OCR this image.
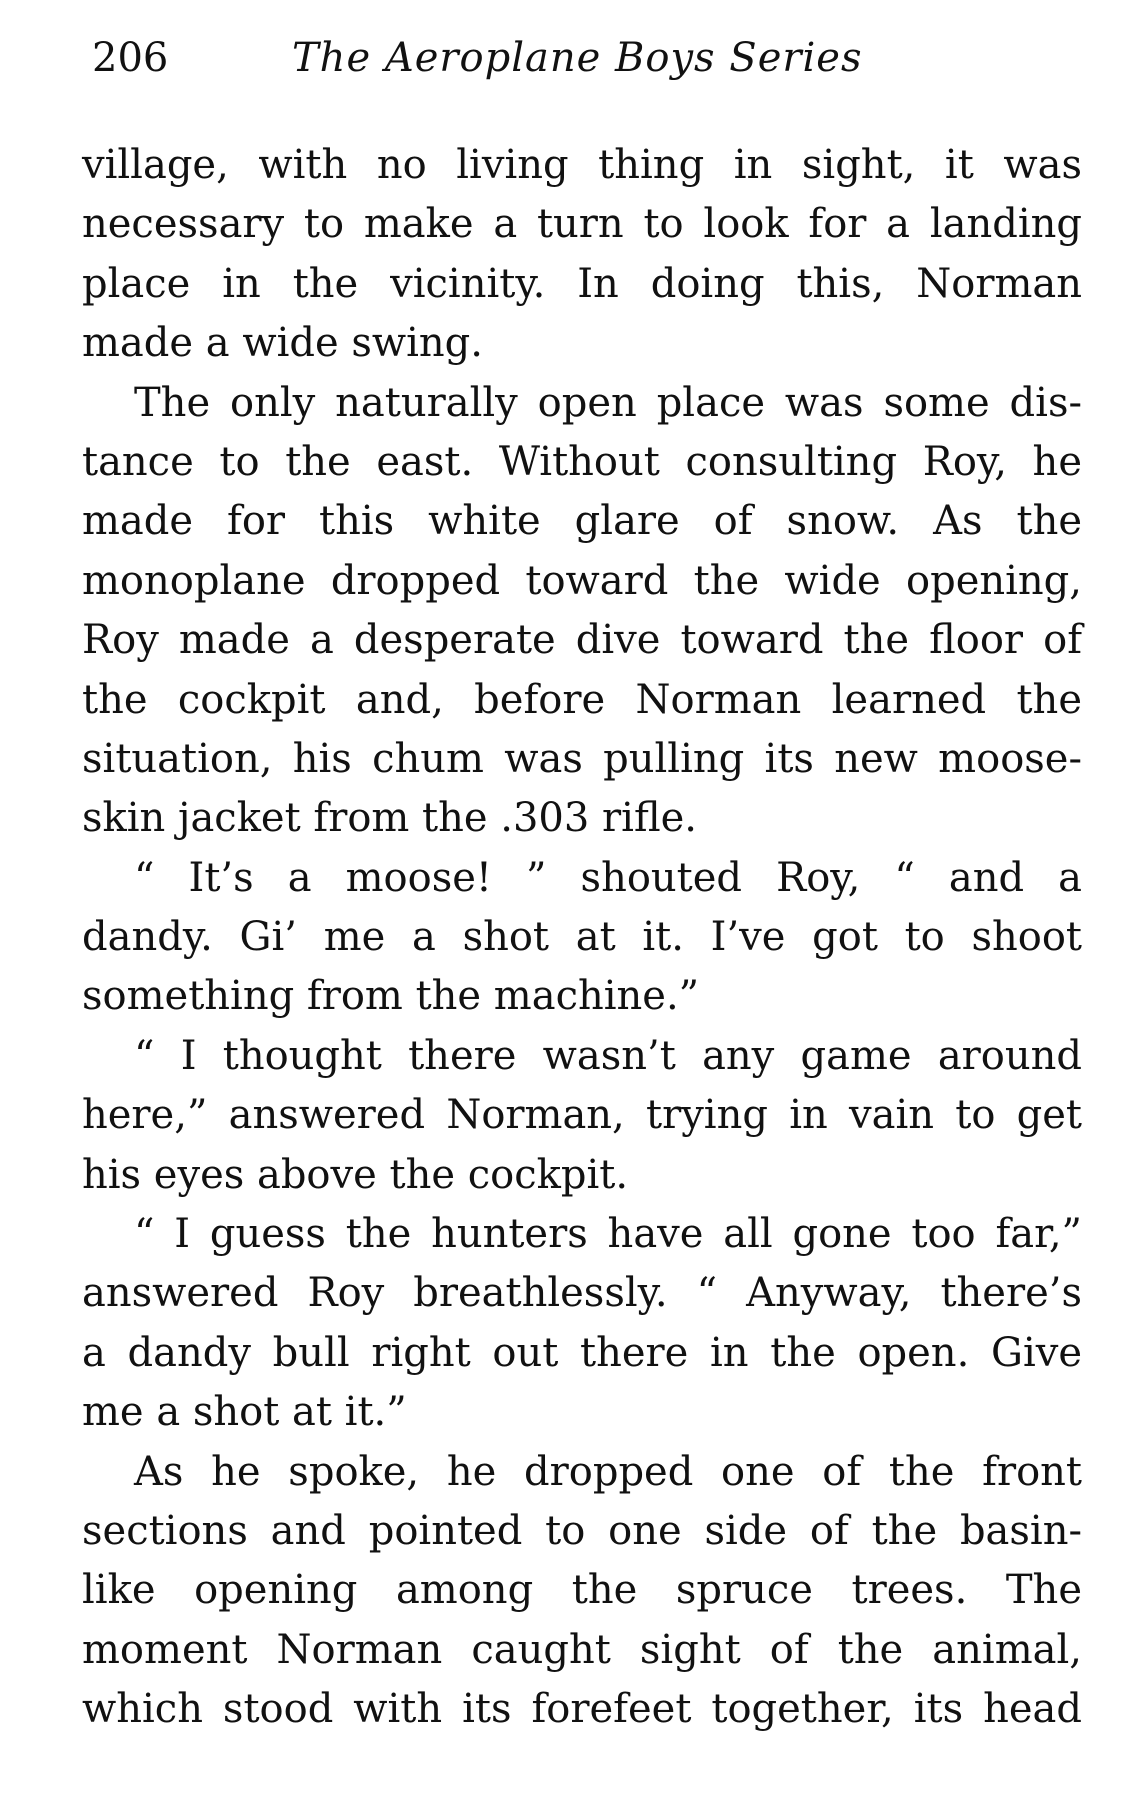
206	The Aeroplane Boys Series
village, with no living thing in sight, it was
necessary to make a turn to look for a landing
place in the vicinity. In doing this, Norman
made a wide swing.
The only naturally open place was some dis-
tance to the east. Without consulting Roy, he
made for this white glare of snow. As the
monoplane dropped toward the wide opening,
Roy made a desperate dive toward the floor of
the cockpit and, before Norman learned the
situation, his chum was pulling its new moose-
skin jacket from the .303 rifle.
“ It’s a moose! ” shouted Roy, “ and a
dandy. Gi’ me a shot at it. I’ve got to shoot
something from the machine.”
“ I thought there wasn’t any game around
here,” answered Norman, trying in vain to get
his eyes above the cockpit.
“ I guess the hunters have all gone too far,”
answered Roy breathlessly. “ Anyway, there’s
a dandy bull right out there in the open. Give
me a shot at it.”
As he spoke, he dropped one of the front
sections and pointed to one side of the basin-
like opening among the spruce trees. The
moment Norman caught sight of the animal,
which stood with its forefeet together, its head
